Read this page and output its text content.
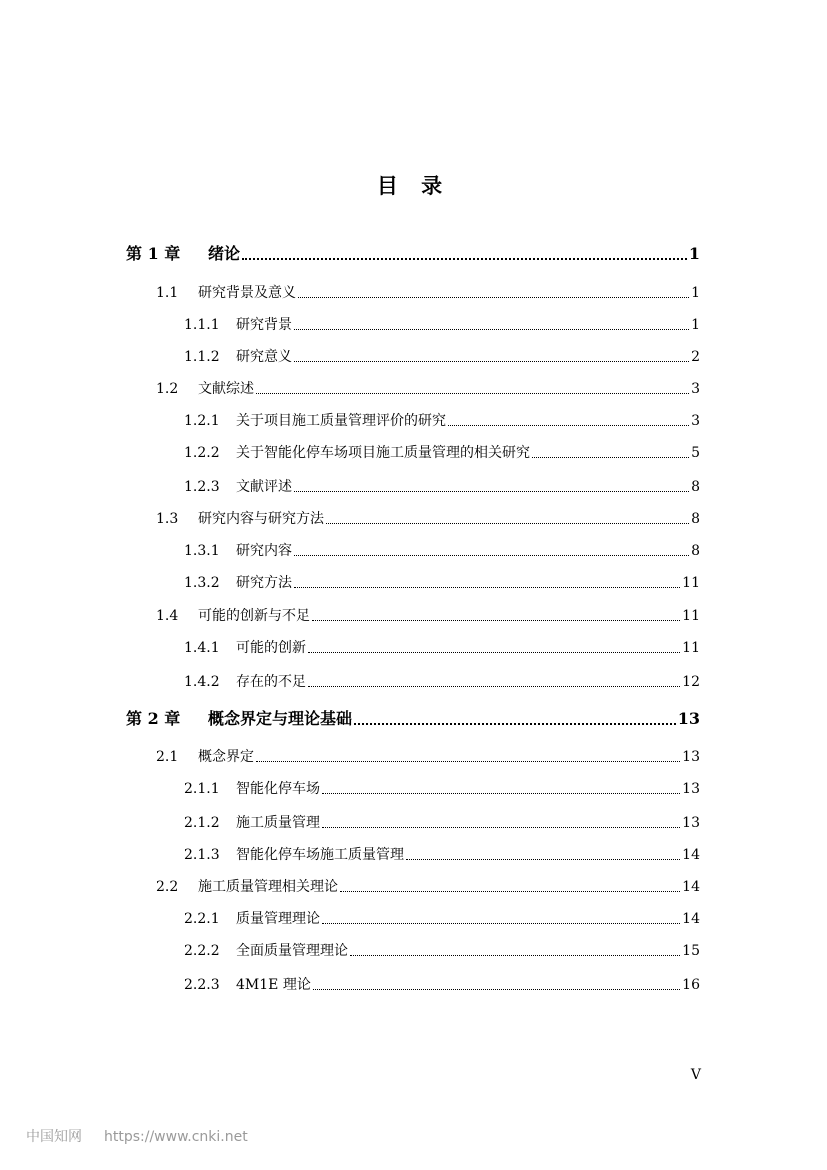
目 录
第 1 章	绪论	1
1.1	研究背景及意义	1
1.1.1	研究背景	1
1.1.2	研究意义	2
1.2	文献综述	3
1.2.1	关于项目施工质量管理评价的研究	3
1.2.2	关于智能化停车场项目施工质量管理的相关研究	5
1.2.3	文献评述	8
1.3	研究内容与研究方法	8
1.3.1	研究内容	8
1.3.2	研究方法	11
1.4	可能的创新与不足	11
1.4.1	可能的创新	11
1.4.2	存在的不足	12
第 2 章	概念界定与理论基础	13
2.1	概念界定	13
2.1.1	智能化停车场	13
2.1.2	施工质量管理	13
2.1.3	智能化停车场施工质量管理	14
2.2	施工质量管理相关理论	14
2.2.1	质量管理理论	14
2.2.2	全面质量管理理论	15
2.2.3	4M1E 理论	16
V
中国知网 https://www.cnki.net
